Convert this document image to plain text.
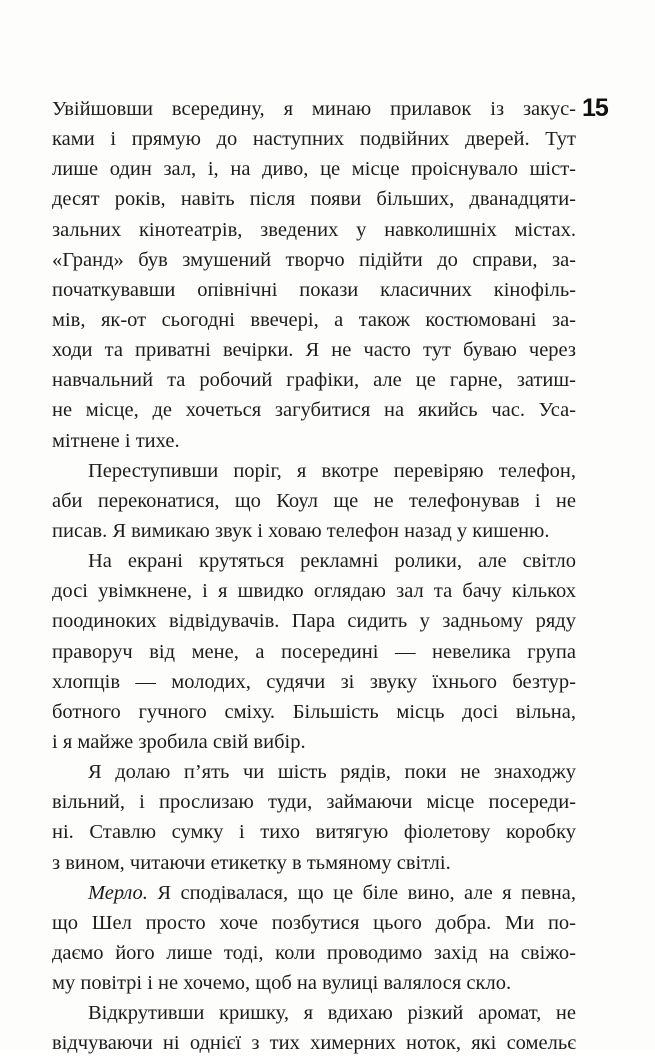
15
Увійшовши всередину, я минаю прилавок із закус-
ками і прямую до наступних подвійних дверей. Тут
лише один зал, і, на диво, це місце проіснувало шіст-
десят років, навіть після появи більших, дванадцяти-
зальних кінотеатрів, зведених у навколишніх містах.
«Гранд» був змушений творчо підійти до справи, за-
початкувавши опівнічні покази класичних кінофіль-
мів, як-от сьогодні ввечері, а також костюмовані за-
ходи та приватні вечірки. Я не часто тут буваю через
навчальний та робочий графіки, але це гарне, затиш-
не місце, де хочеться загубитися на якийсь час. Уса-
мітнене і тихе.
Переступивши поріг, я вкотре перевіряю телефон,
аби переконатися, що Коул ще не телефонував і не
писав. Я вимикаю звук і ховаю телефон назад у кишеню.
На екрані крутяться рекламні ролики, але світло
досі увімкнене, і я швидко оглядаю зал та бачу кількох
поодиноких відвідувачів. Пара сидить у задньому ряду
праворуч від мене, а посередині — невелика група
хлопців — молодих, судячи зі звуку їхнього безтур-
ботного гучного сміху. Більшість місць досі вільна,
і я майже зробила свій вибір.
Я долаю п’ять чи шість рядів, поки не знаходжу
вільний, і прослизаю туди, займаючи місце посереди-
ні. Ставлю сумку і тихо витягую фіолетову коробку
з вином, читаючи етикетку в тьмяному світлі.
Мерло. Я сподівалася, що це біле вино, але я певна,
що Шел просто хоче позбутися цього добра. Ми по-
даємо його лише тоді, коли проводимо захід на свіжо-
му повітрі і не хочемо, щоб на вулиці валялося скло.
Відкрутивши кришку, я вдихаю різкий аромат, не
відчуваючи ні однієї з тих химерних ноток, які сомельє
